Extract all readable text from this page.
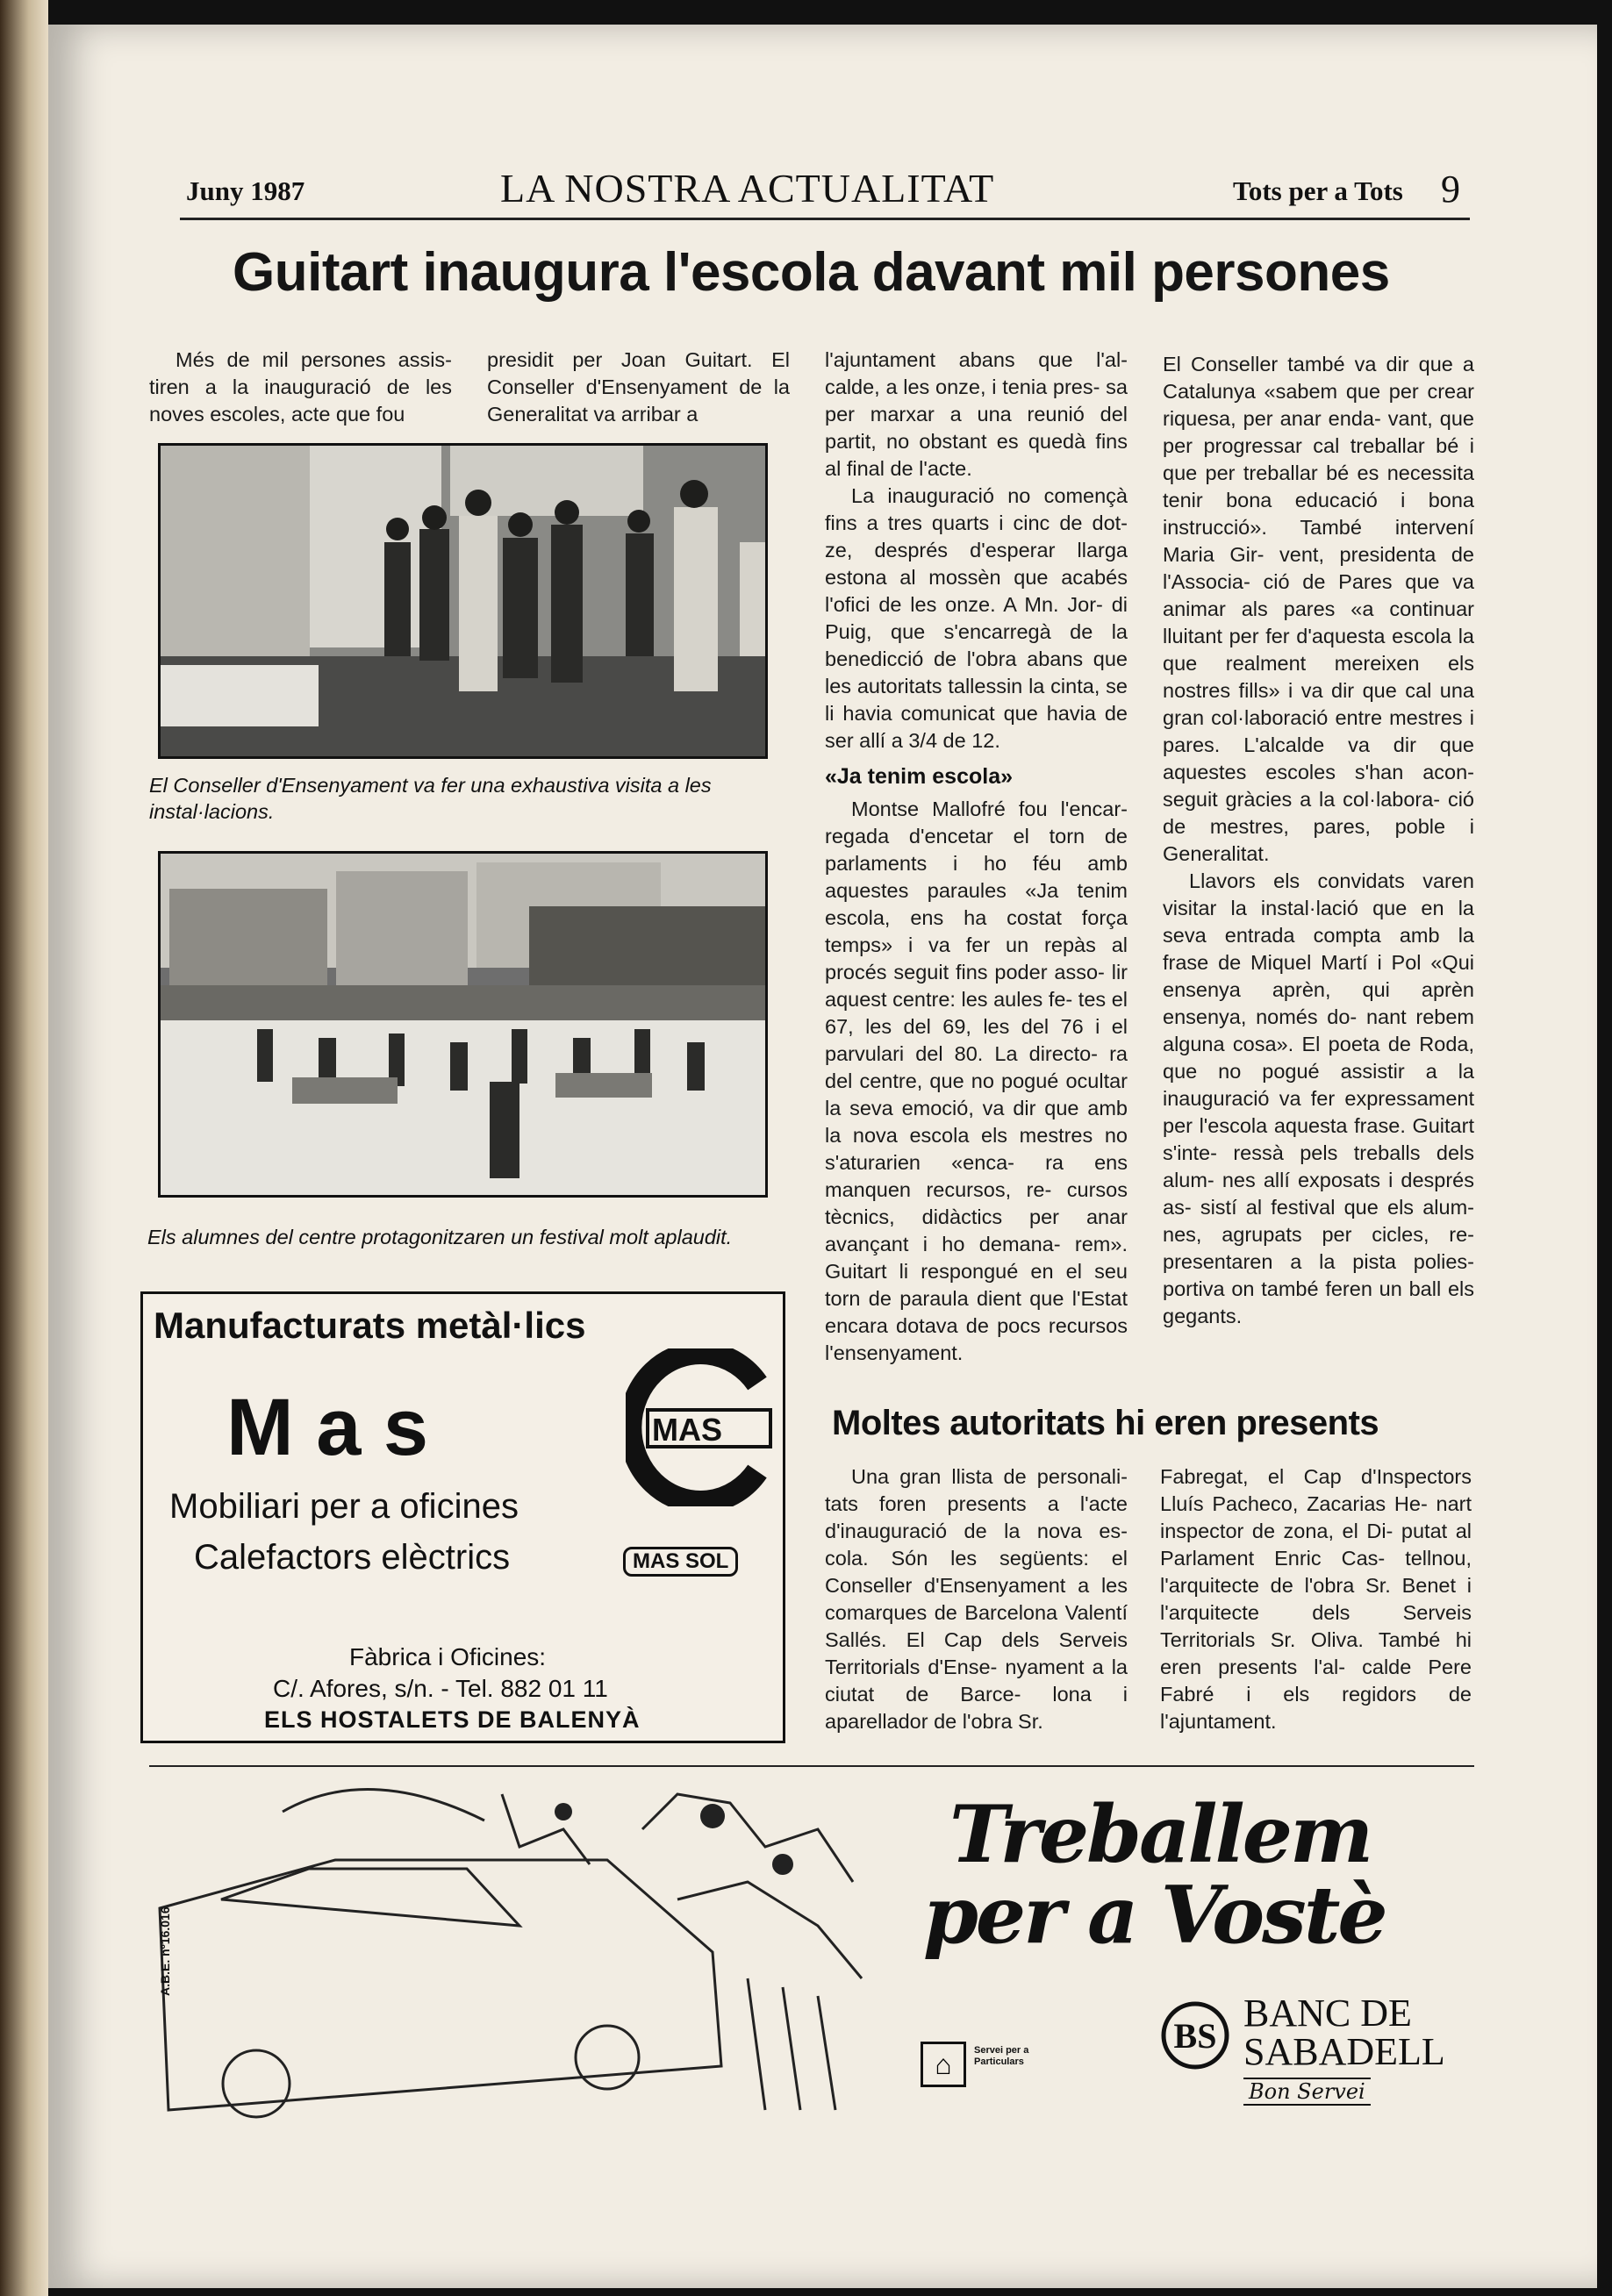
Juny 1987	LA NOSTRA ACTUALITAT	Tots per a Tots 9
Guitart inaugura l'escola davant mil persones

Més de mil persones assis- tiren a la inauguració de les noves escoles, acte que fou

presidit per Joan Guitart. El Conseller d'Ensenyament de la Generalitat va arribar a

El Conseller d'Ensenyament va fer una exhaustiva visita a les instal·lacions.
Els alumnes del centre protagonitzaren un festival molt aplaudit.

l'ajuntament abans que l'al- calde, a les onze, i tenia pres- sa per marxar a una reunió del partit, no obstant es quedà fins al final de l'acte.

La inauguració no començà fins a tres quarts i cinc de dot- ze, després d'esperar llarga estona al mossèn que acabés l'ofici de les onze. A Mn. Jor- di Puig, que s'encarregà de la benedicció de l'obra abans que les autoritats tallessin la cinta, se li havia comunicat que havia de ser allí a 3/4 de 12.

«Ja tenim escola»

Montse Mallofré fou l'encar- regada d'encetar el torn de parlaments i ho féu amb aquestes paraules «Ja tenim escola, ens ha costat força temps» i va fer un repàs al procés seguit fins poder asso- lir aquest centre: les aules fe- tes el 67, les del 69, les del 76 i el parvulari del 80. La directo- ra del centre, que no pogué ocultar la seva emoció, va dir que amb la nova escola els mestres no s'aturarien «enca- ra ens manquen recursos, re- cursos tècnics, didàctics per anar avançant i ho demana- rem». Guitart li respongué en el seu torn de paraula dient que l'Estat encara dotava de pocs recursos l'ensenyament.

El Conseller també va dir que a Catalunya «sabem que per crear riquesa, per anar enda- vant, que per progressar cal treballar bé i que per treballar bé es necessita tenir bona educació i bona instrucció». També intervení Maria Gir- vent, presidenta de l'Associa- ció de Pares que va animar als pares «a continuar lluitant per fer d'aquesta escola la que realment mereixen els nostres fills» i va dir que cal una gran col·laboració entre mestres i pares. L'alcalde va dir que aquestes escoles s'han acon- seguit gràcies a la col·labora- ció de mestres, pares, poble i Generalitat.

Llavors els convidats varen visitar la instal·lació que en la seva entrada compta amb la frase de Miquel Martí i Pol «Qui ensenya aprèn, qui aprèn ensenya, només do- nant rebem alguna cosa». El poeta de Roda, que no pogué assistir a la inauguració va fer expressament per l'escola aquesta frase. Guitart s'inte- ressà pels treballs dels alum- nes allí exposats i després as- sistí al festival que els alum- nes, agrupats per cicles, re- presentaren a la pista polies- portiva on també feren un ball els gegants.

Moltes autoritats hi eren presents

Una gran llista de personali- tats foren presents a l'acte d'inauguració de la nova es- cola. Són les següents: el Conseller d'Ensenyament a les comarques de Barcelona Valentí Sallés. El Cap dels Serveis Territorials d'Ense- nyament a la ciutat de Barce- lona i aparellador de l'obra Sr.

Fabregat, el Cap d'Inspectors Lluís Pacheco, Zacarias He- nart inspector de zona, el Di- putat al Parlament Enric Cas- tellnou, l'arquitecte de l'obra Sr. Benet i l'arquitecte dels Serveis Territorials Sr. Oliva. També hi eren presents l'al- calde Pere Fabré i els regidors de l'ajuntament.

Manufacturats metàl·lics
M a s	MAS
Mobiliari per a oficines
Calefactors elèctrics	MAS SOL
Fàbrica i Oficines:
C/. Afores, s/n. - Tel. 882 01 11
ELS HOSTALETS DE BALENYÀ
A.B.E. nº16.016
Treballem
per a Vostè
⌂	Servei per a
Particulars
BS
BANC DE
SABADELL
Bon Servei
